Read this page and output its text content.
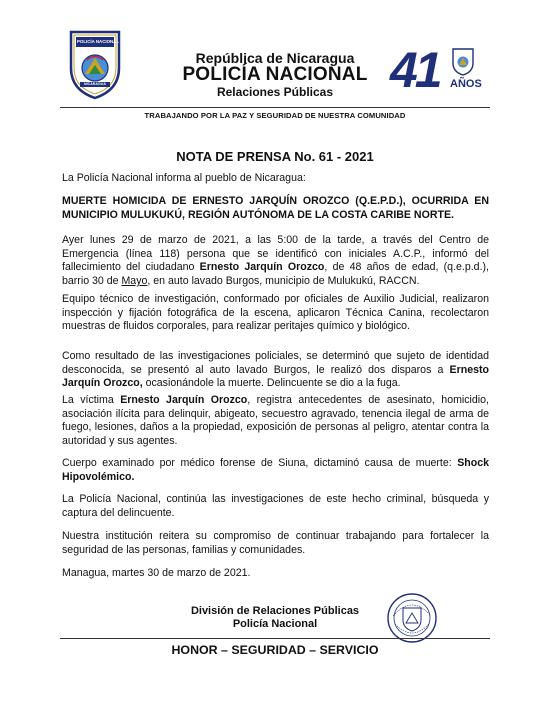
POLICÍA NACIONAL
NICARAGUA
República de Nicaragua
POLICÍA NACIONAL
Relaciones Públicas	41 AÑOS
TRABAJANDO POR LA PAZ Y SEGURIDAD DE NUESTRA COMUNIDAD
NOTA DE PRENSA No. 61 - 2021
La Policía Nacional informa al pueblo de Nicaragua:
MUERTE HOMICIDA DE ERNESTO JARQUÍN OROZCO (Q.E.P.D.), OCURRIDA EN MUNICIPIO MULUKUKÚ, REGIÓN AUTÓNOMA DE LA COSTA CARIBE NORTE.
Ayer lunes 29 de marzo de 2021, a las 5:00 de la tarde, a través del Centro de Emergencia (línea 118) persona que se identificó con iniciales A.C.P., informó del fallecimiento del ciudadano Ernesto Jarquín Orozco, de 48 años de edad, (q.e.p.d.), barrio 30 de Mayo, en auto lavado Burgos, municipio de Mulukukú, RACCN.
Equipo técnico de investigación, conformado por oficiales de Auxilio Judicial, realizaron inspección y fijación fotográfica de la escena, aplicaron Técnica Canina, recolectaron muestras de fluidos corporales, para realizar peritajes químico y biológico.
Como resultado de las investigaciones policiales, se determinó que sujeto de identidad desconocida, se presentó al auto lavado Burgos, le realizó dos disparos a Ernesto Jarquín Orozco, ocasionándole la muerte. Delincuente se dio a la fuga.
La víctima Ernesto Jarquín Orozco, registra antecedentes de asesinato, homicidio, asociación ilícita para delinquir, abigeato, secuestro agravado, tenencia ilegal de arma de fuego, lesiones, daños a la propiedad, exposición de personas al peligro, atentar contra la autoridad y sus agentes.
Cuerpo examinado por médico forense de Siuna, dictaminó causa de muerte: Shock Hipovolémico.
La Policía Nacional, continúa las investigaciones de este hecho criminal, búsqueda y captura del delincuente.
Nuestra institución reitera su compromiso de continuar trabajando para fortalecer la seguridad de las personas, familias y comunidades.
Managua, martes 30 de marzo de 2021.
División de Relaciones Públicas
Policía Nacional
HONOR – SEGURIDAD – SERVICIO
